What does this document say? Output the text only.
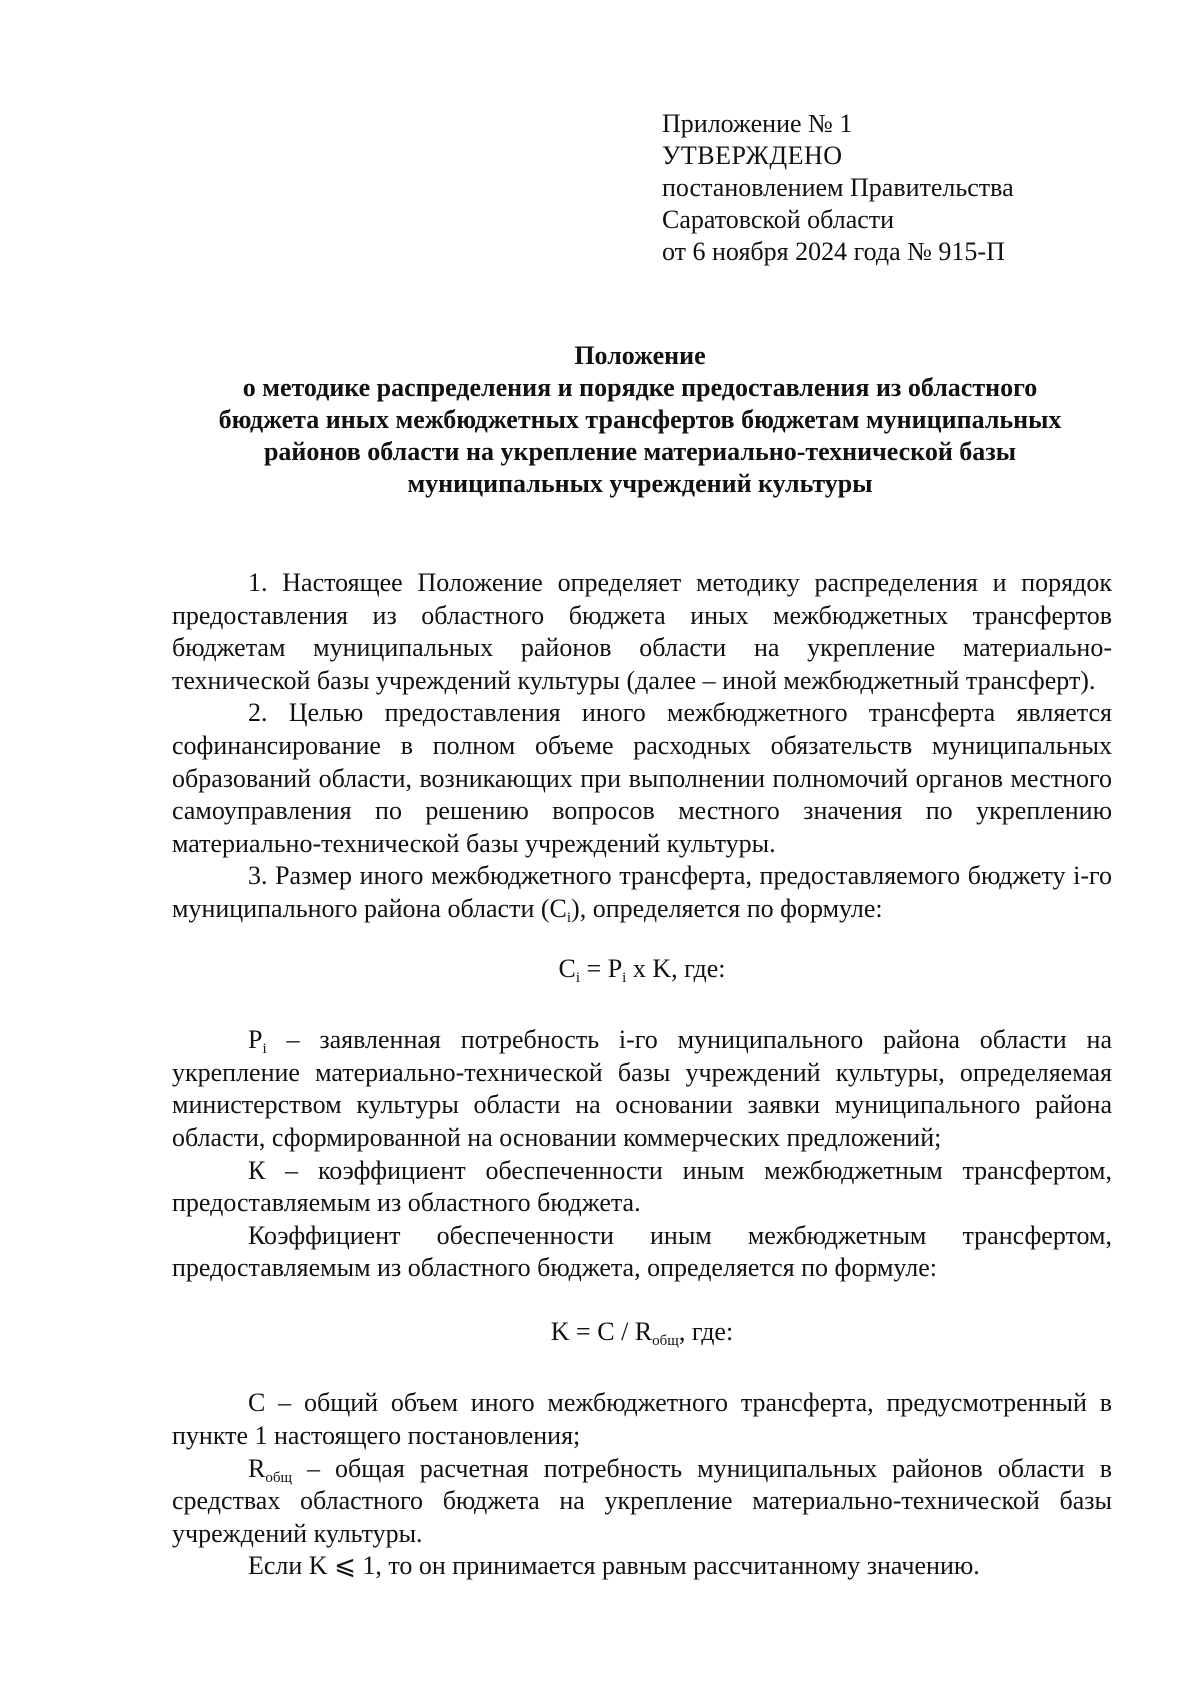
Приложение № 1

УТВЕРЖДЕНО

постановлением Правительства

Саратовской области

от 6 ноября 2024 года № 915-П

Положение
о методике распределения и порядке предоставления из областного
бюджета иных межбюджетных трансфертов бюджетам муниципальных
районов области на укрепление материально-технической базы
муниципальных учреждений культуры

1. Настоящее Положение определяет методику распределения и порядок предоставления из областного бюджета иных межбюджетных трансфертов бюджетам муниципальных районов области на укрепление материально-технической базы учреждений культуры (далее – иной межбюджетный трансферт).

2. Целью предоставления иного межбюджетного трансферта является софинансирование в полном объеме расходных обязательств муниципальных образований области, возникающих при выполнении полномочий органов местного самоуправления по решению вопросов местного значения по укреплению материально-технической базы учреждений культуры.

3. Размер иного межбюджетного трансферта, предоставляемого бюджету i-го муниципального района области $(C_i)$, определяется по формуле:

$C_i = P_i$ x K, где:

$P_i$ – заявленная потребность i-го муниципального района области на укрепление материально-технической базы учреждений культуры, определяемая министерством культуры области на основании заявки муниципального района области, сформированной на основании коммерческих предложений;

К – коэффициент обеспеченности иным межбюджетным трансфертом, предоставляемым из областного бюджета.

Коэффициент обеспеченности иным межбюджетным трансфертом, предоставляемым из областного бюджета, определяется по формуле:

$K = C / R_{общ}$, где:

С – общий объем иного межбюджетного трансферта, предусмотренный в пункте 1 настоящего постановления;

$R_{общ}$ – общая расчетная потребность муниципальных районов области в средствах областного бюджета на укрепление материально-технической базы учреждений культуры.

Если K ⩽ 1, то он принимается равным рассчитанному значению.
